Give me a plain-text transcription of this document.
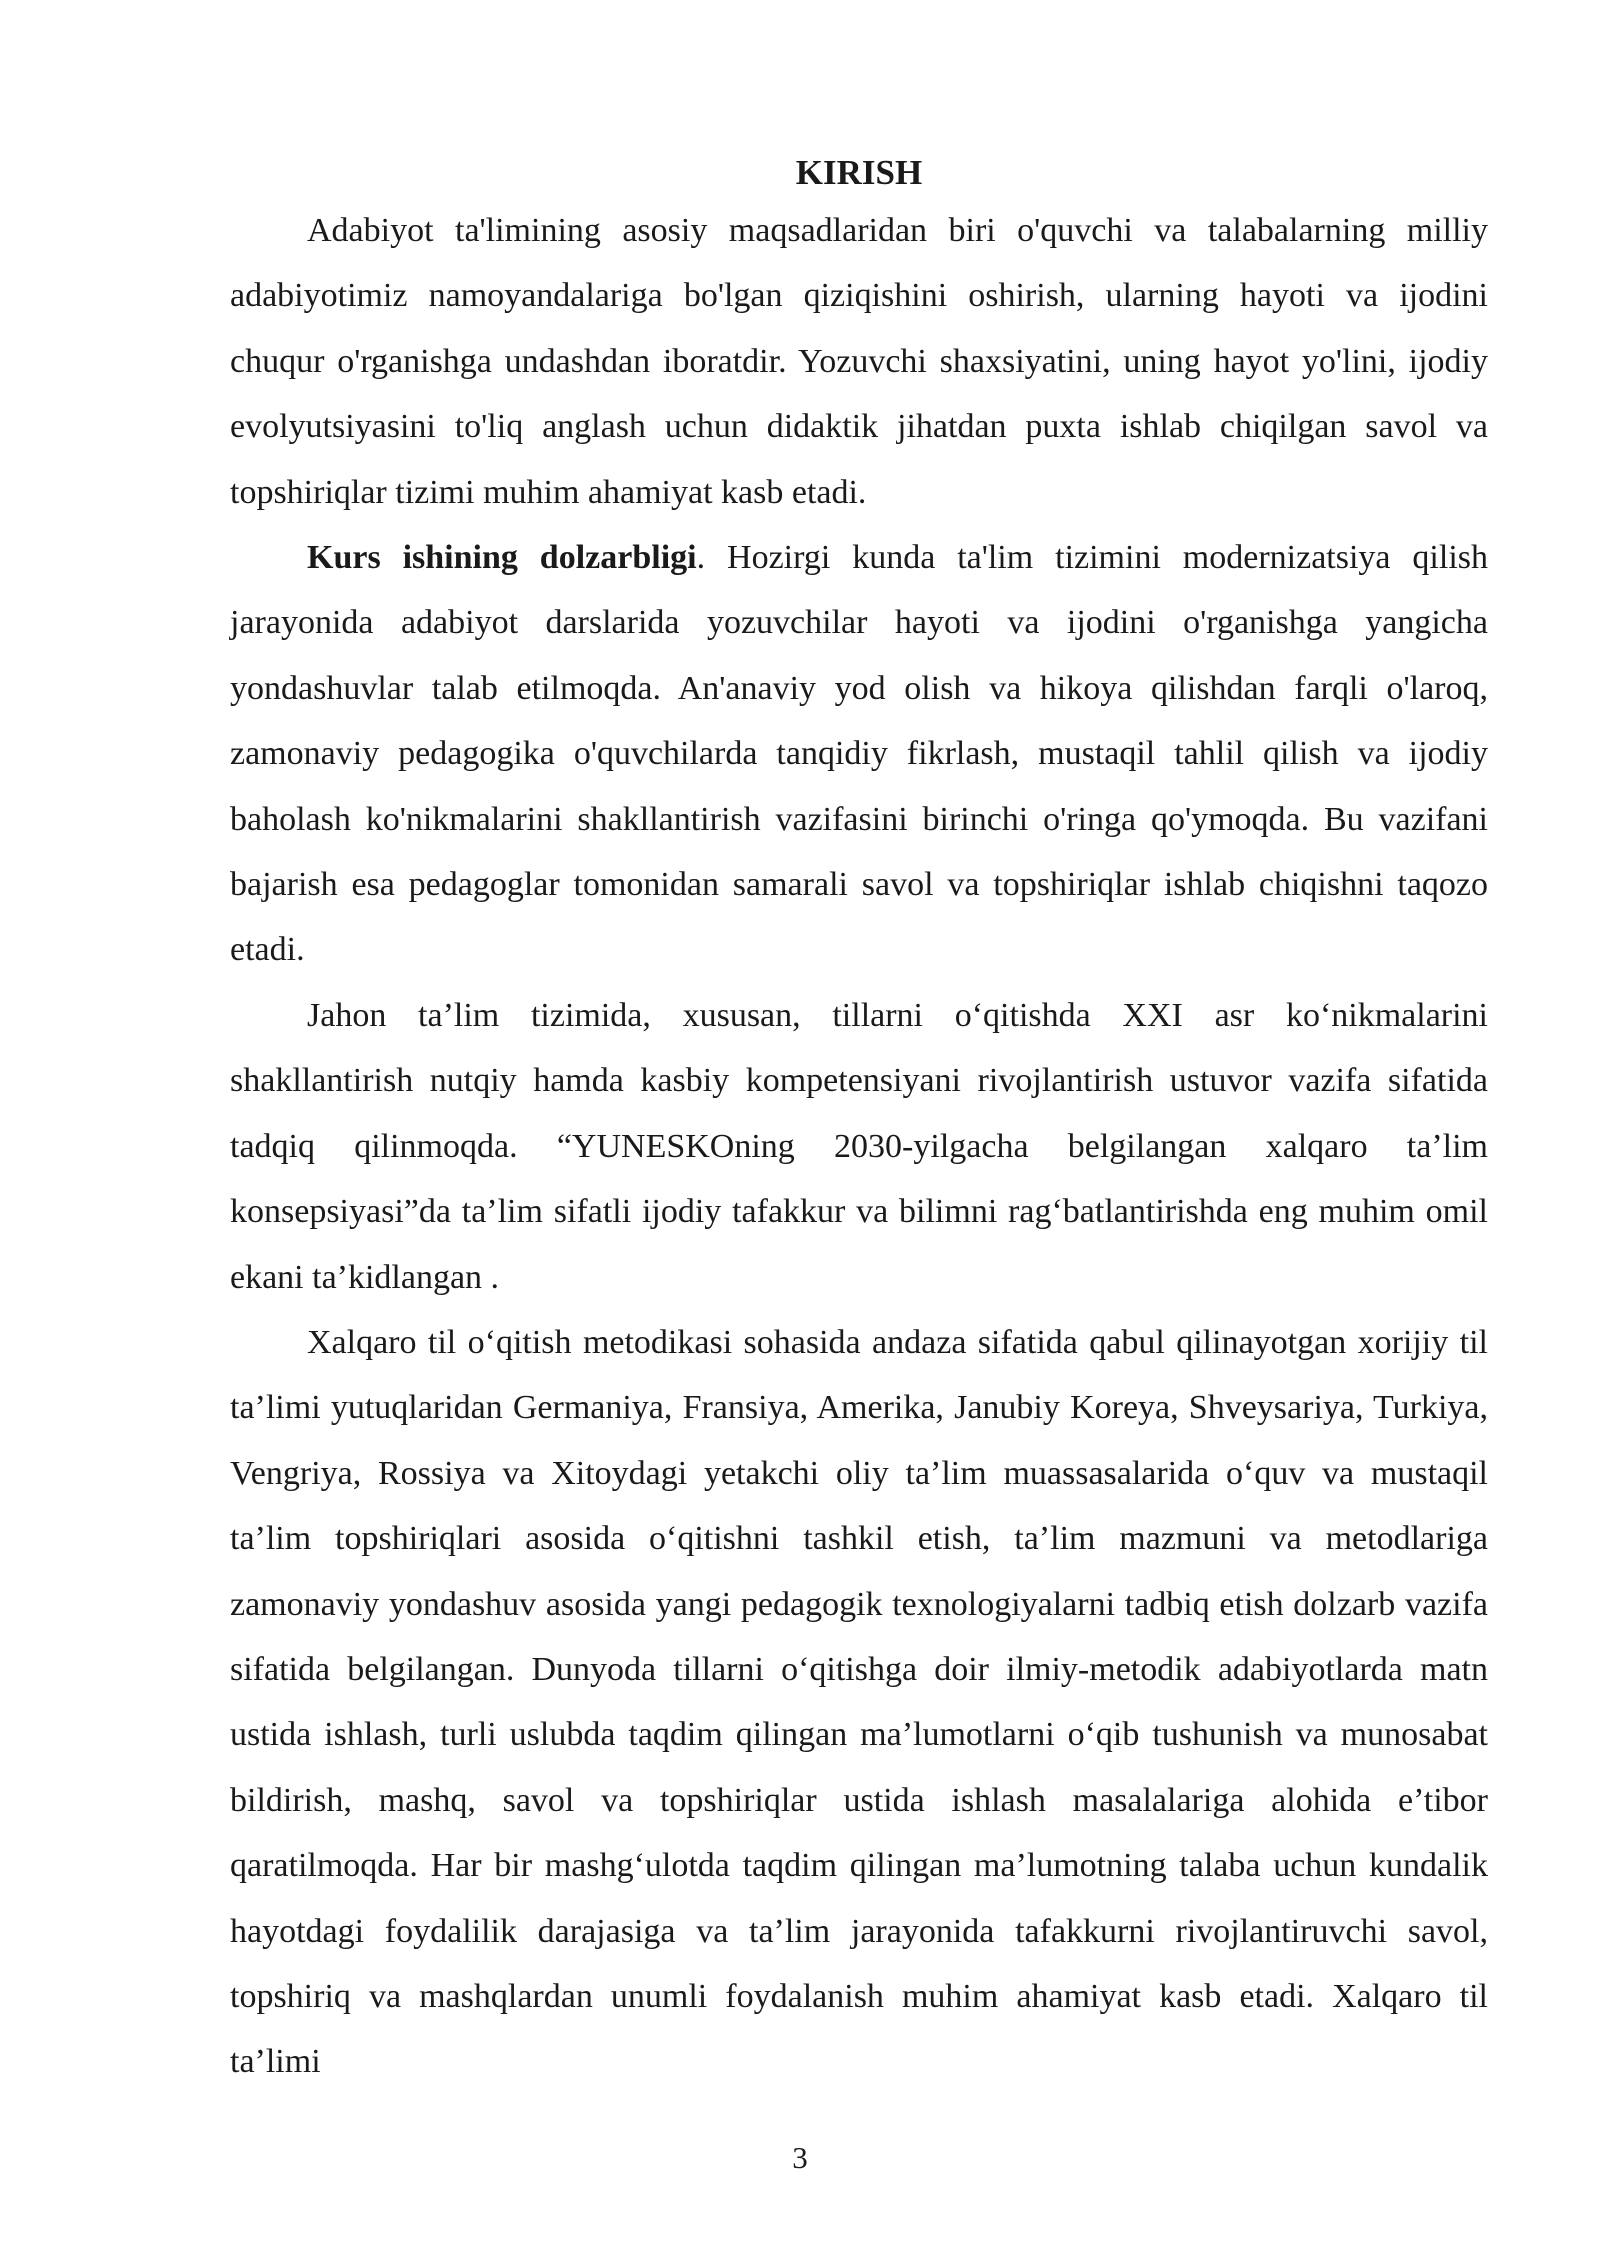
KIRISH

Adabiyot ta'limining asosiy maqsadlaridan biri o'quvchi va talabalarning milliy adabiyotimiz namoyandalariga bo'lgan qiziqishini oshirish, ularning hayoti va ijodini chuqur o'rganishga undashdan iboratdir. Yozuvchi shaxsiyatini, uning hayot yo'lini, ijodiy evolyutsiyasini to'liq anglash uchun didaktik jihatdan puxta ishlab chiqilgan savol va topshiriqlar tizimi muhim ahamiyat kasb etadi.

Kurs ishining dolzarbligi. Hozirgi kunda ta'lim tizimini modernizatsiya qilish jarayonida adabiyot darslarida yozuvchilar hayoti va ijodini o'rganishga yangicha yondashuvlar talab etilmoqda. An'anaviy yod olish va hikoya qilishdan farqli o'laroq, zamonaviy pedagogika o'quvchilarda tanqidiy fikrlash, mustaqil tahlil qilish va ijodiy baholash ko'nikmalarini shakllantirish vazifasini birinchi o'ringa qo'ymoqda. Bu vazifani bajarish esa pedagoglar tomonidan samarali savol va topshiriqlar ishlab chiqishni taqozo etadi.

Jahon ta’lim tizimida, xususan, tillarni o‘qitishda XXI asr ko‘nikmalarini shakllantirish nutqiy hamda kasbiy kompetensiyani rivojlantirish ustuvor vazifa sifatida tadqiq qilinmoqda. “YUNESKOning 2030-yilgacha belgilangan xalqaro ta’lim konsepsiyasi”da ta’lim sifatli ijodiy tafakkur va bilimni rag‘batlantirishda eng muhim omil ekani ta’kidlangan .

Xalqaro til o‘qitish metodikasi sohasida andaza sifatida qabul qilinayotgan xorijiy til ta’limi yutuqlaridan Germaniya, Fransiya, Amerika, Janubiy Koreya, Shveysariya, Turkiya, Vengriya, Rossiya va Xitoydagi yetakchi oliy ta’lim muassasalarida o‘quv va mustaqil ta’lim topshiriqlari asosida o‘qitishni tashkil etish, ta’lim mazmuni va metodlariga zamonaviy yondashuv asosida yangi pedagogik texnologiyalarni tadbiq etish dolzarb vazifa sifatida belgilangan. Dunyoda tillarni o‘qitishga doir ilmiy-metodik adabiyotlarda matn ustida ishlash, turli uslubda taqdim qilingan ma’lumotlarni o‘qib tushunish va munosabat bildirish, mashq, savol va topshiriqlar ustida ishlash masalalariga alohida e’tibor qaratilmoqda. Har bir mashg‘ulotda taqdim qilingan ma’lumotning talaba uchun kundalik hayotdagi foydalilik darajasiga va ta’lim jarayonida tafakkurni rivojlantiruvchi savol, topshiriq va mashqlardan unumli foydalanish muhim ahamiyat kasb etadi. Xalqaro til ta’limi

3
